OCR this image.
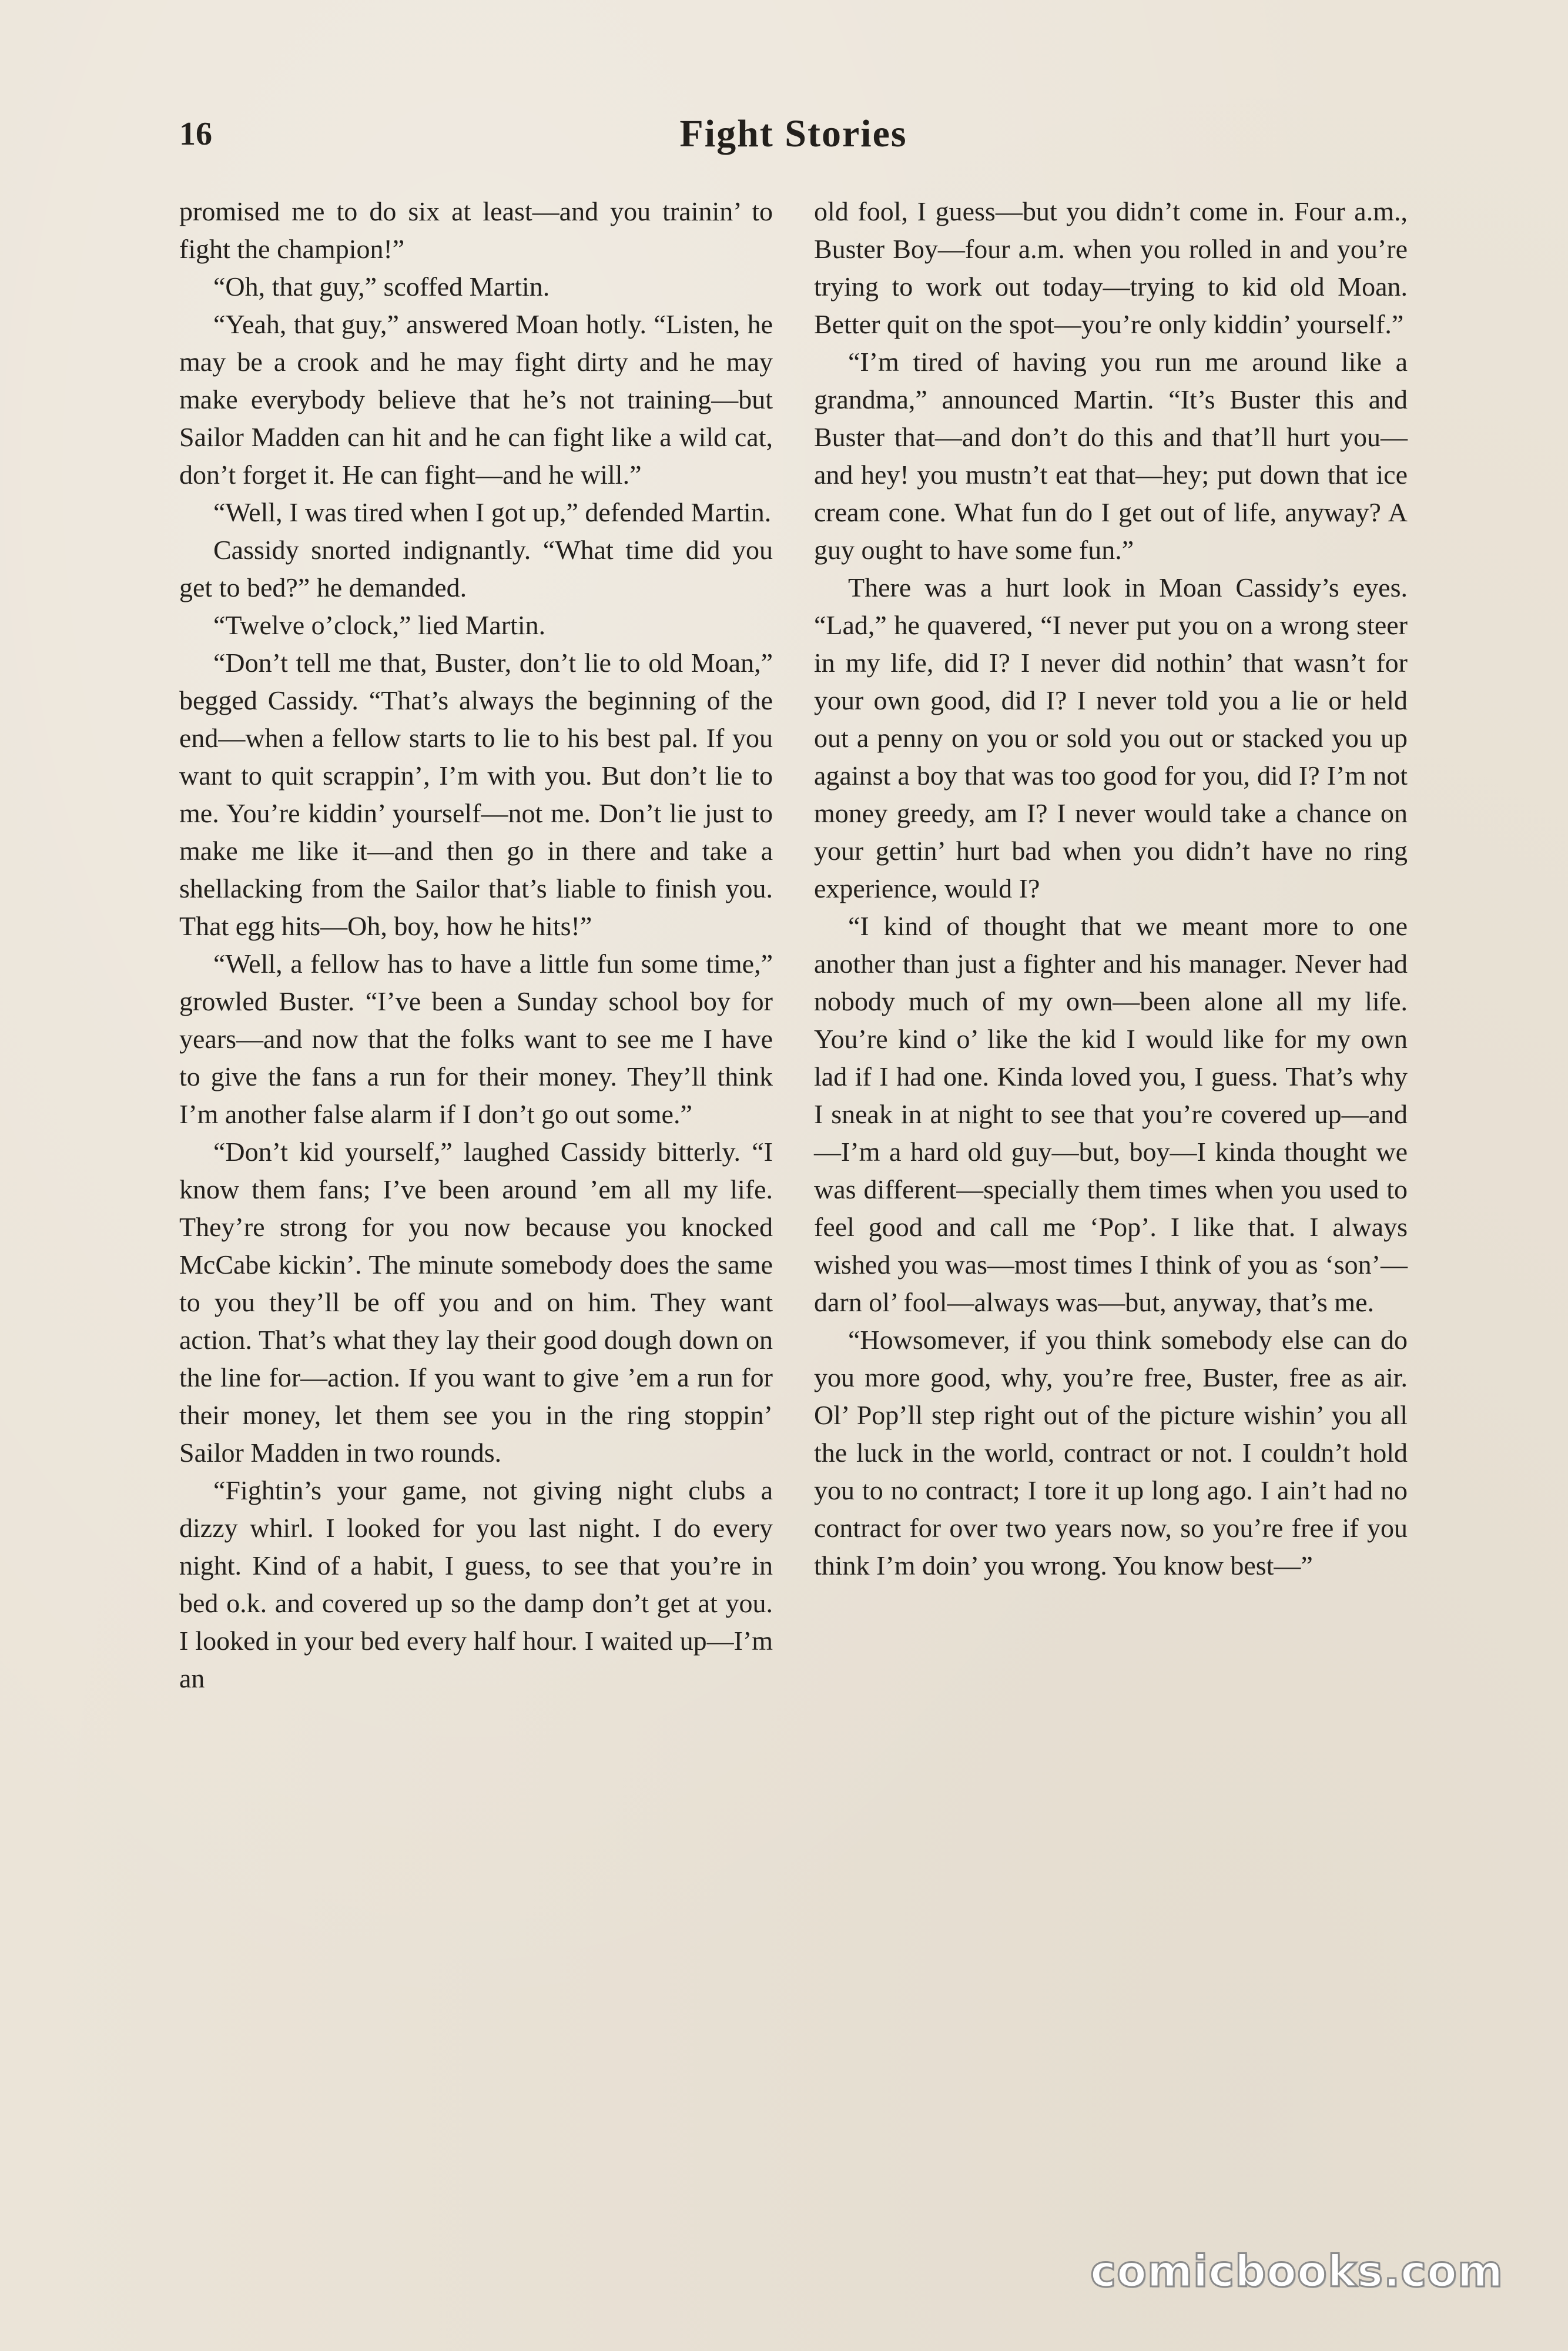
16	Fight Stories

promised me to do six at least—and you trainin’ to fight the champion!”

“Oh, that guy,” scoffed Martin.

“Yeah, that guy,” answered Moan hotly. “Listen, he may be a crook and he may fight dirty and he may make everybody believe that he’s not training—but Sailor Madden can hit and he can fight like a wild cat, don’t forget it. He can fight—and he will.”

“Well, I was tired when I got up,” defended Martin.

Cassidy snorted indignantly. “What time did you get to bed?” he demanded.

“Twelve o’clock,” lied Martin.

“Don’t tell me that, Buster, don’t lie to old Moan,” begged Cassidy. “That’s always the beginning of the end—when a fellow starts to lie to his best pal. If you want to quit scrappin’, I’m with you. But don’t lie to me. You’re kiddin’ yourself—not me. Don’t lie just to make me like it—and then go in there and take a shellacking from the Sailor that’s liable to finish you. That egg hits—Oh, boy, how he hits!”

“Well, a fellow has to have a little fun some time,” growled Buster. “I’ve been a Sunday school boy for years—and now that the folks want to see me I have to give the fans a run for their money. They’ll think I’m another false alarm if I don’t go out some.”

“Don’t kid yourself,” laughed Cassidy bitterly. “I know them fans; I’ve been around ’em all my life. They’re strong for you now because you knocked McCabe kickin’. The minute somebody does the same to you they’ll be off you and on him. They want action. That’s what they lay their good dough down on the line for—action. If you want to give ’em a run for their money, let them see you in the ring stoppin’ Sailor Madden in two rounds.

“Fightin’s your game, not giving night clubs a dizzy whirl. I looked for you last night. I do every night. Kind of a habit, I guess, to see that you’re in bed o.k. and covered up so the damp don’t get at you. I looked in your bed every half hour. I waited up—I’m an

old fool, I guess—but you didn’t come in. Four a.m., Buster Boy—four a.m. when you rolled in and you’re trying to work out today—trying to kid old Moan. Better quit on the spot—you’re only kiddin’ yourself.”

“I’m tired of having you run me around like a grandma,” announced Martin. “It’s Buster this and Buster that—and don’t do this and that’ll hurt you—and hey! you mustn’t eat that—hey; put down that ice cream cone. What fun do I get out of life, anyway? A guy ought to have some fun.”

There was a hurt look in Moan Cassidy’s eyes. “Lad,” he quavered, “I never put you on a wrong steer in my life, did I? I never did nothin’ that wasn’t for your own good, did I? I never told you a lie or held out a penny on you or sold you out or stacked you up against a boy that was too good for you, did I? I’m not money greedy, am I? I never would take a chance on your gettin’ hurt bad when you didn’t have no ring experience, would I?

“I kind of thought that we meant more to one another than just a fighter and his manager. Never had nobody much of my own—been alone all my life. You’re kind o’ like the kid I would like for my own lad if I had one. Kinda loved you, I guess. That’s why I sneak in at night to see that you’re covered up—and—I’m a hard old guy—but, boy—I kinda thought we was different—specially them times when you used to feel good and call me ‘Pop’. I like that. I always wished you was—most times I think of you as ‘son’—darn ol’ fool—always was—but, anyway, that’s me.

“Howsomever, if you think somebody else can do you more good, why, you’re free, Buster, free as air. Ol’ Pop’ll step right out of the picture wishin’ you all the luck in the world, contract or not. I couldn’t hold you to no contract; I tore it up long ago. I ain’t had no contract for over two years now, so you’re free if you think I’m doin’ you wrong. You know best—”

comicbooks.com
